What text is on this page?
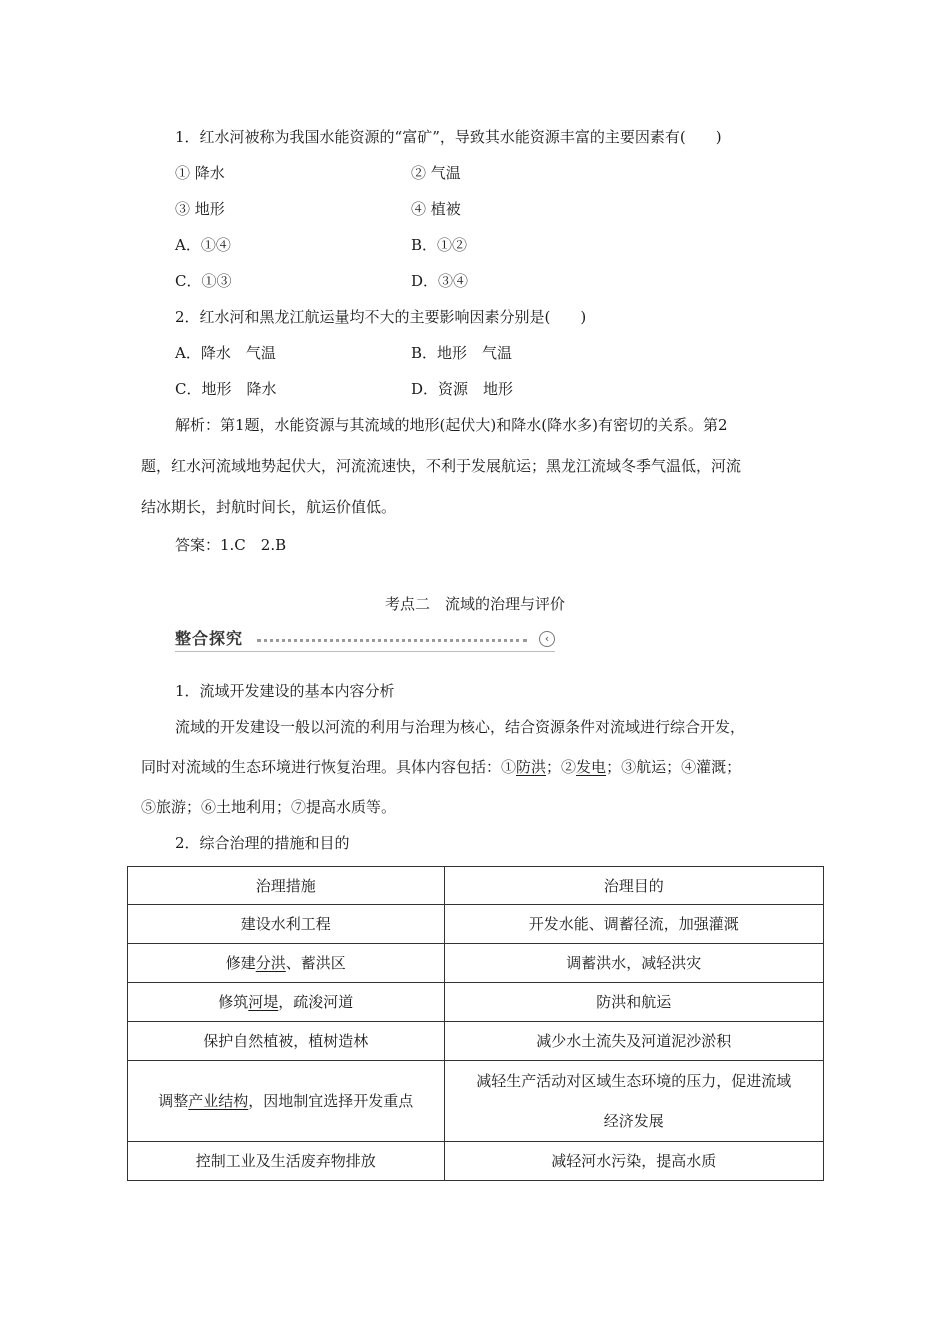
1．红水河被称为我国水能资源的“富矿”，导致其水能资源丰富的主要因素有(　　)
① 降水	② 气温
③ 地形	④ 植被
A．①④	B．①②
C．①③	D．③④
2．红水河和黑龙江航运量均不大的主要影响因素分别是(　　)
A．降水　气温	B．地形　气温
C．地形　降水	D．资源　地形
解析：第1题，水能资源与其流域的地形(起伏大)和降水(降水多)有密切的关系。第2
题，红水河流域地势起伏大，河流流速快，不利于发展航运；黑龙江流域冬季气温低，河流
结冰期长，封航时间长，航运价值低。
答案：1.C　2.B
考点二　流域的治理与评价
整合探究	‹
1．流域开发建设的基本内容分析
流域的开发建设一般以河流的利用与治理为核心，结合资源条件对流域进行综合开发，
同时对流域的生态环境进行恢复治理。具体内容包括：①防洪；②发电；③航运；④灌溉；
⑤旅游；⑥土地利用；⑦提高水质等。
2．综合治理的措施和目的
治理措施	治理目的
建设水利工程	开发水能、调蓄径流，加强灌溉
修建分洪、蓄洪区	调蓄洪水，减轻洪灾
修筑河堤，疏浚河道	防洪和航运
保护自然植被，植树造林	减少水土流失及河道泥沙淤积
调整产业结构，因地制宜选择开发重点	减轻生产活动对区域生态环境的压力，促进流域
经济发展

控制工业及生活废弃物排放	减轻河水污染，提高水质
